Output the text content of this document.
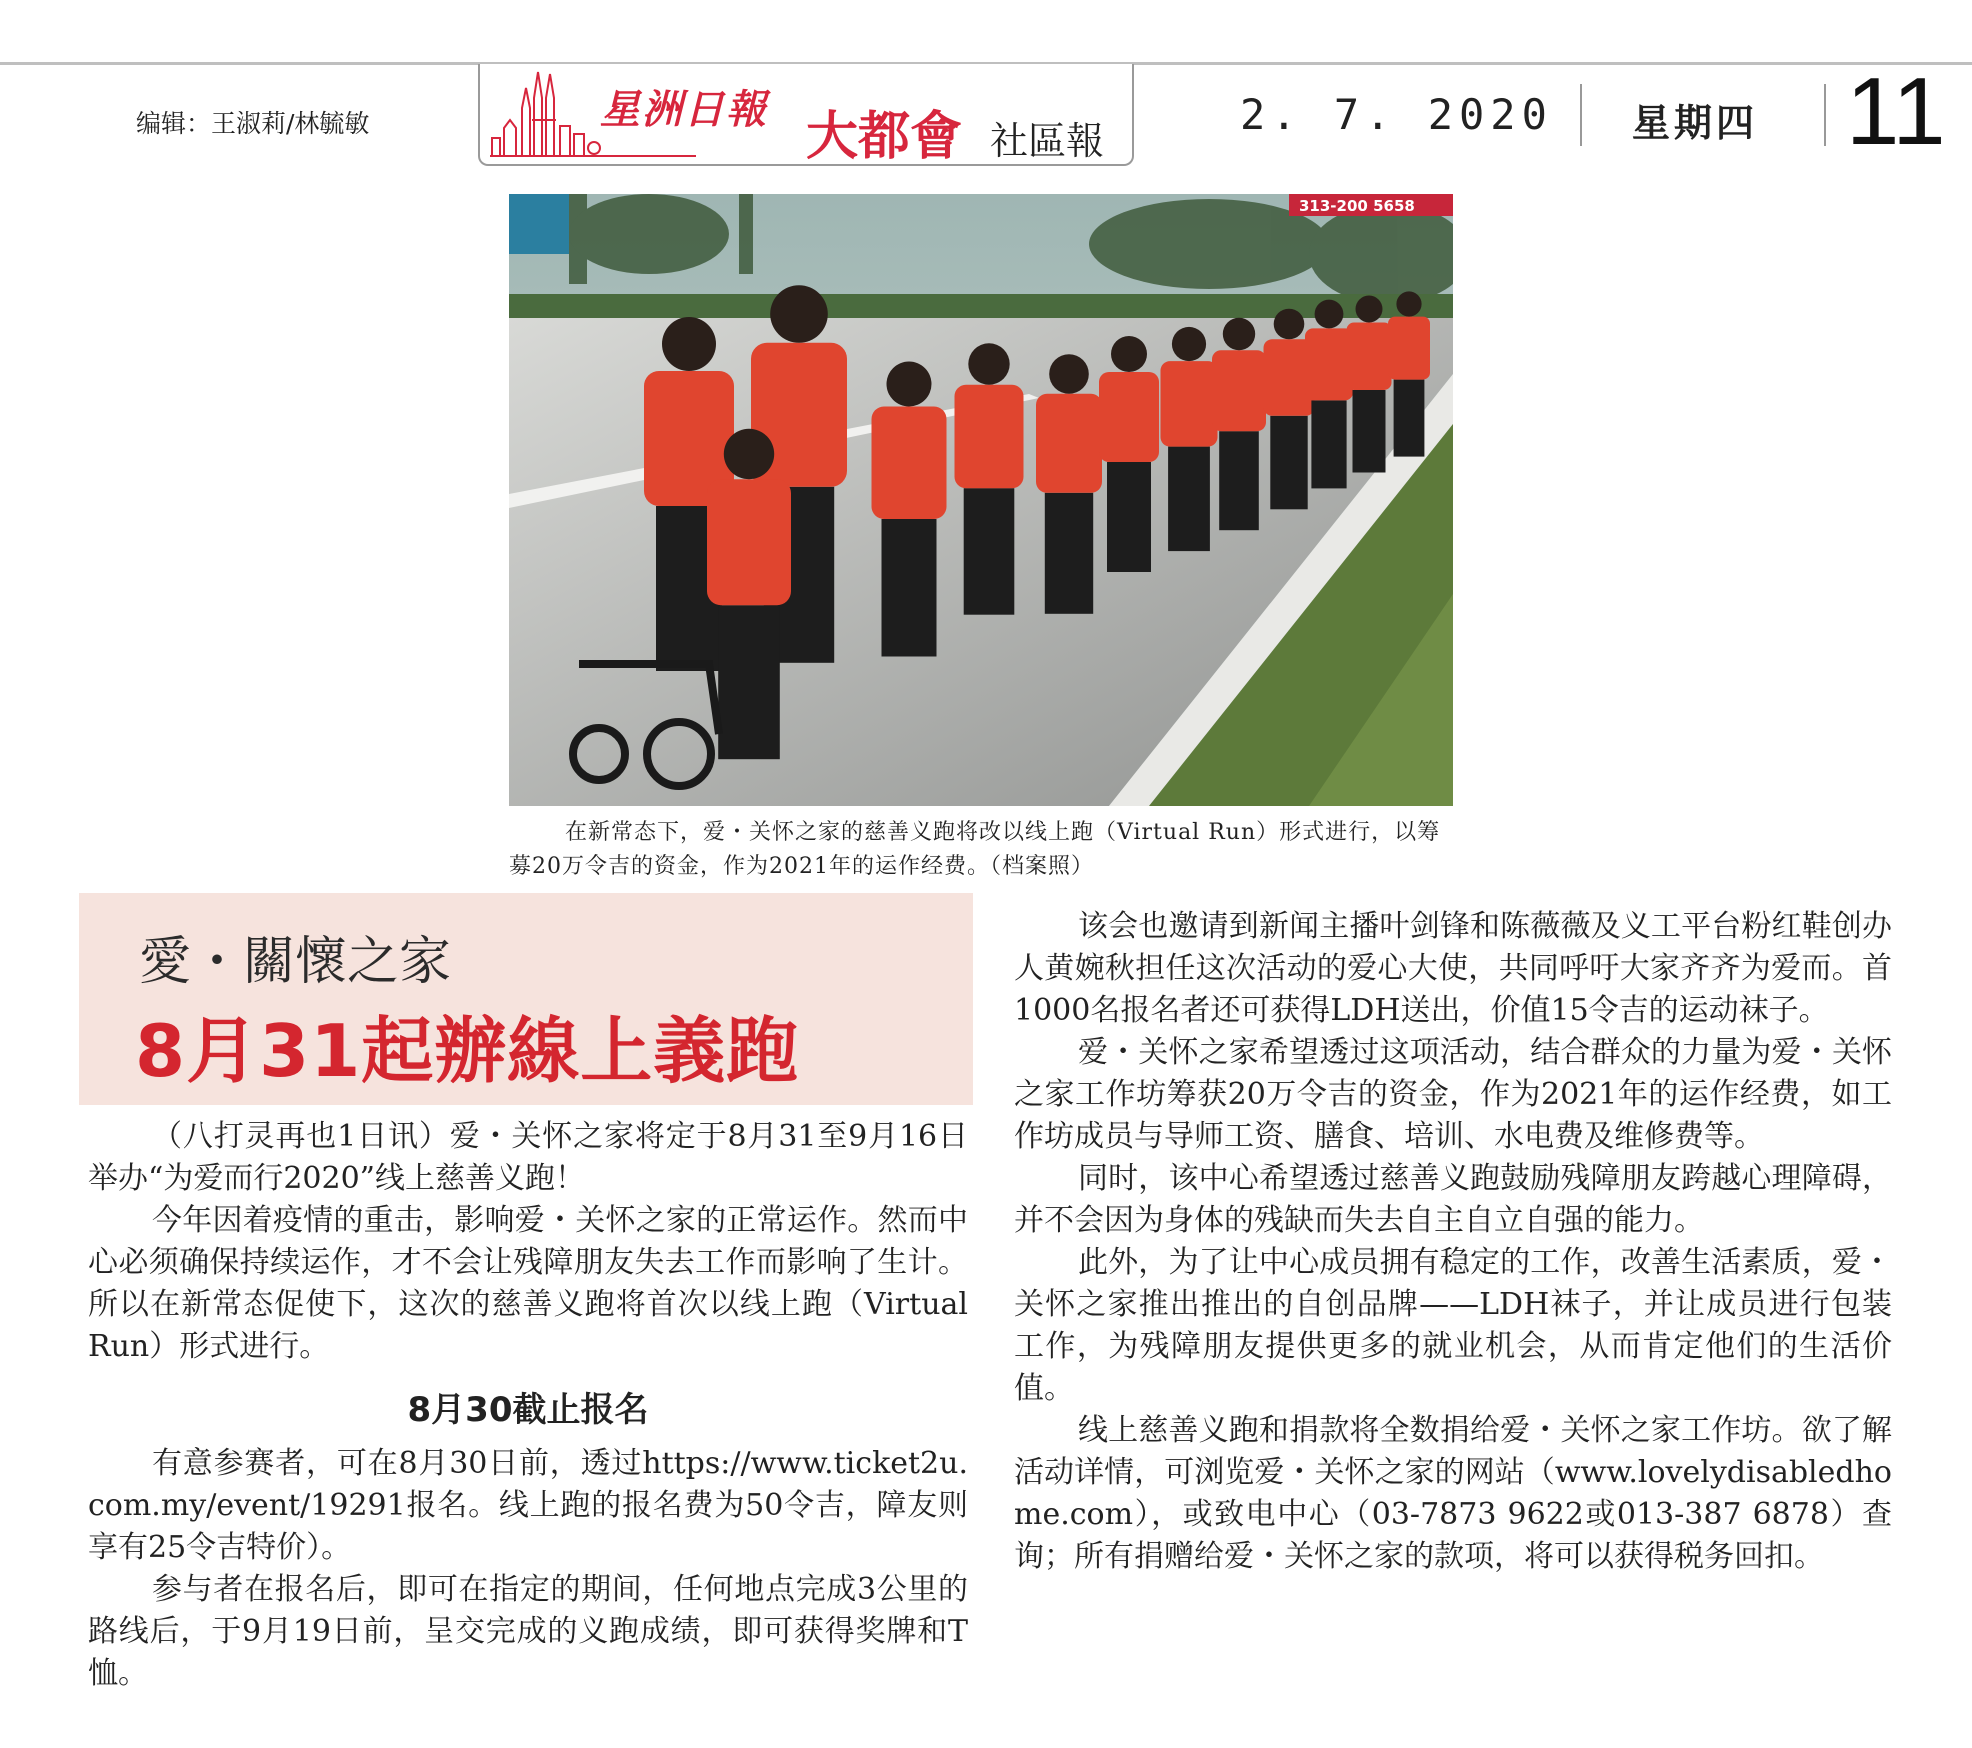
编辑：王淑莉/林毓敏	星洲日報 大都會 社區報
2. 7. 2020 星期四 11
313-200 5658
在新常态下，爱・关怀之家的慈善义跑将改以线上跑（Virtual Run）形式进行，以筹募20万令吉的资金，作为2021年的运作经费。（档案照）
愛・關懷之家
8月31起辦線上義跑

（八打灵再也1日讯）爱・关怀之家将定于8月31至9月16日举办“为爱而行2020”线上慈善义跑！

今年因着疫情的重击，影响爱・关怀之家的正常运作。然而中心必须确保持续运作，才不会让残障朋友失去工作而影响了生计。所以在新常态促使下，这次的慈善义跑将首次以线上跑（Virtual Run）形式进行。

8月30截止报名

有意参赛者，可在8月30日前，透过https://www.ticket2u.com.my/event/19291报名。线上跑的报名费为50令吉，障友则享有25令吉特价）。

参与者在报名后，即可在指定的期间，任何地点完成3公里的路线后，于9月19日前，呈交完成的义跑成绩，即可获得奖牌和T恤。

该会也邀请到新闻主播叶剑锋和陈薇薇及义工平台粉红鞋创办人黄婉秋担任这次活动的爱心大使，共同呼吁大家齐齐为爱而。首1000名报名者还可获得LDH送出，价值15令吉的运动袜子。

爱・关怀之家希望透过这项活动，结合群众的力量为爱・关怀之家工作坊筹获20万令吉的资金，作为2021年的运作经费，如工作坊成员与导师工资、膳食、培训、水电费及维修费等。

同时，该中心希望透过慈善义跑鼓励残障朋友跨越心理障碍，并不会因为身体的残缺而失去自主自立自强的能力。

此外，为了让中心成员拥有稳定的工作，改善生活素质，爱・关怀之家推出推出的自创品牌——LDH袜子，并让成员进行包装工作，为残障朋友提供更多的就业机会，从而肯定他们的生活价值。

线上慈善义跑和捐款将全数捐给爱・关怀之家工作坊。欲了解活动详情，可浏览爱・关怀之家的网站（www.lovelydisabledhome.com），或致电中心（03-7873 9622或013-387 6878）查询；所有捐赠给爱・关怀之家的款项，将可以获得税务回扣。
